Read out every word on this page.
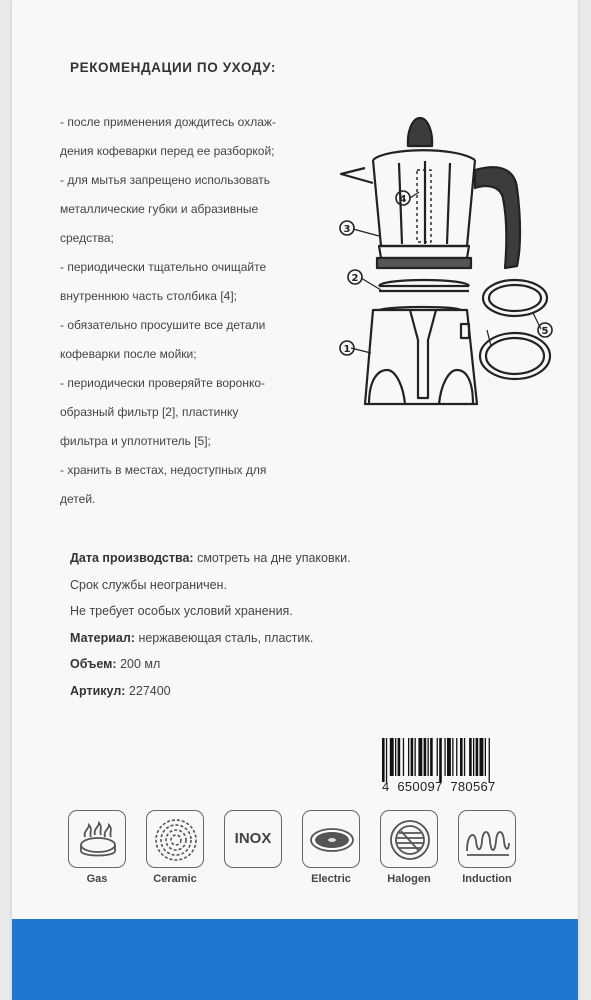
РЕКОМЕНДАЦИИ ПО УХОДУ:

- после применения дождитесь охлаж-

дения кофеварки перед ее разборкой;

- для мытья запрещено использовать

металлические губки и абразивные

средства;

- периодически тщательно очищайте

внутреннюю часть столбика [4];

- обязательно просушите все детали

кофеварки после мойки;

- периодически проверяйте воронко-

образный фильтр [2], пластинку

фильтра и уплотнитель [5];

- хранить в местах, недоступных для

детей.

1
2
3
4
5

Дата производства: смотреть на дне упаковки.

Срок службы неограничен.

Не требует особых условий хранения.

Материал: нержавеющая сталь, пластик.

Объем: 200 мл

Артикул: 227400

4  650097  780567
Gas	Ceramic
INOX
Electric	Halogen	Induction
